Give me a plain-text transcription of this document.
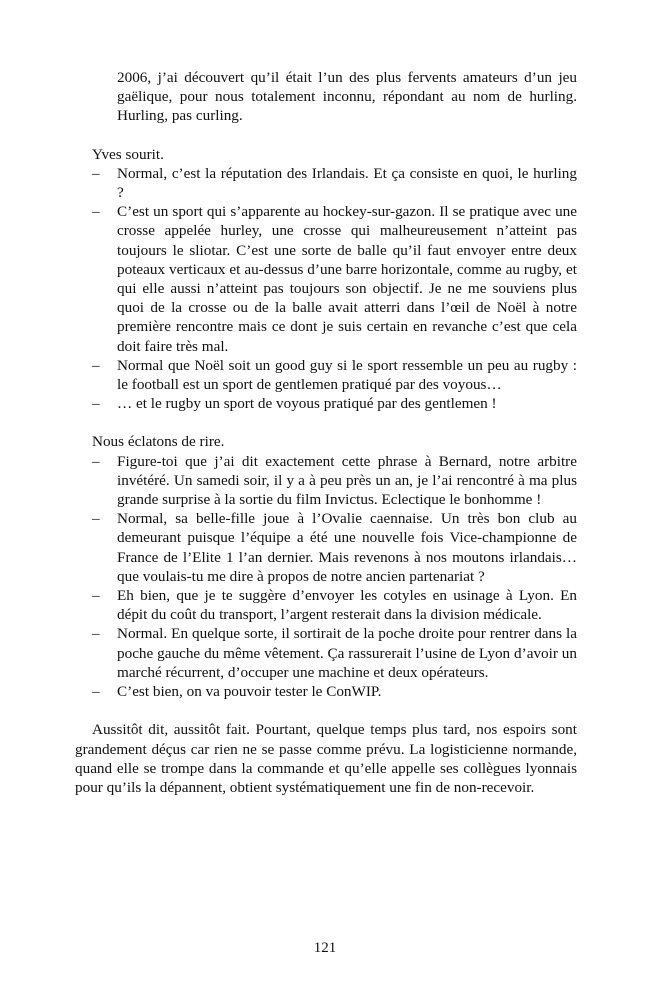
2006, j’ai découvert qu’il était l’un des plus fervents amateurs d’un jeu gaëlique, pour nous totalement inconnu, répondant au nom de hurling. Hurling, pas curling.

Yves sourit.

– Normal, c’est la réputation des Irlandais. Et ça consiste en quoi, le hurling ?

– C’est un sport qui s’apparente au hockey-sur-gazon. Il se pratique avec une crosse appelée hurley, une crosse qui malheureusement n’atteint pas toujours le sliotar. C’est une sorte de balle qu’il faut envoyer entre deux poteaux verticaux et au-dessus d’une barre horizontale, comme au rugby, et qui elle aussi n’atteint pas toujours son objectif. Je ne me souviens plus quoi de la crosse ou de la balle avait atterri dans l’œil de Noël à notre première rencontre mais ce dont je suis certain en revanche c’est que cela doit faire très mal.

– Normal que Noël soit un good guy si le sport ressemble un peu au rugby : le football est un sport de gentlemen pratiqué par des voyous…

– … et le rugby un sport de voyous pratiqué par des gentlemen !

Nous éclatons de rire.

– Figure-toi que j’ai dit exactement cette phrase à Bernard, notre arbitre invétéré. Un samedi soir, il y a à peu près un an, je l’ai rencontré à ma plus grande surprise à la sortie du film Invictus. Eclectique le bonhomme !

– Normal, sa belle-fille joue à l’Ovalie caennaise. Un très bon club au demeurant puisque l’équipe a été une nouvelle fois Vice-championne de France de l’Elite 1 l’an dernier. Mais revenons à nos moutons irlandais… que voulais-tu me dire à propos de notre ancien partenariat ?

– Eh bien, que je te suggère d’envoyer les cotyles en usinage à Lyon. En dépit du coût du transport, l’argent resterait dans la division médicale.

– Normal. En quelque sorte, il sortirait de la poche droite pour rentrer dans la poche gauche du même vêtement. Ça rassurerait l’usine de Lyon d’avoir un marché récurrent, d’occuper une machine et deux opérateurs.

– C’est bien, on va pouvoir tester le ConWIP.

Aussitôt dit, aussitôt fait. Pourtant, quelque temps plus tard, nos espoirs sont grandement déçus car rien ne se passe comme prévu. La logisticienne normande, quand elle se trompe dans la commande et qu’elle appelle ses collègues lyonnais pour qu’ils la dépannent, obtient systématiquement une fin de non-recevoir.

121
